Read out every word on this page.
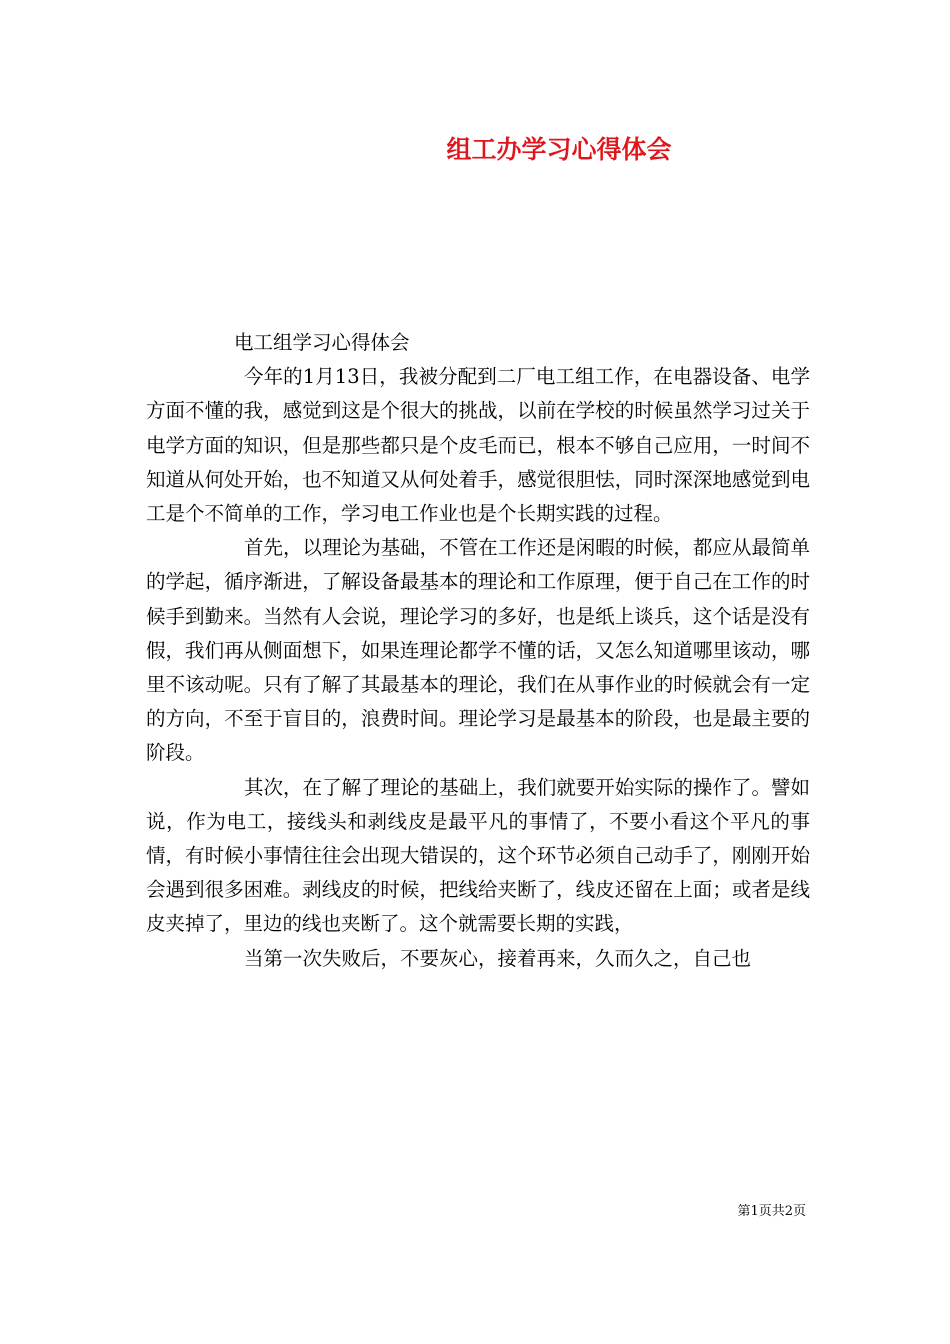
组工办学习心得体会

电工组学习心得体会

今年的1月13日，我被分配到二厂电工组工作，在电器设备、电学方面不懂的我，感觉到这是个很大的挑战，以前在学校的时候虽然学习过关于电学方面的知识，但是那些都只是个皮毛而已，根本不够自己应用，一时间不知道从何处开始，也不知道又从何处着手，感觉很胆怯，同时深深地感觉到电工是个不简单的工作，学习电工作业也是个长期实践的过程。

首先，以理论为基础，不管在工作还是闲暇的时候，都应从最简单的学起，循序渐进，了解设备最基本的理论和工作原理，便于自己在工作的时候手到勤来。当然有人会说，理论学习的多好，也是纸上谈兵，这个话是没有假，我们再从侧面想下，如果连理论都学不懂的话，又怎么知道哪里该动，哪里不该动呢。只有了解了其最基本的理论，我们在从事作业的时候就会有一定的方向，不至于盲目的，浪费时间。理论学习是最基本的阶段，也是最主要的阶段。

其次，在了解了理论的基础上，我们就要开始实际的操作了。譬如说，作为电工，接线头和剥线皮是最平凡的事情了，不要小看这个平凡的事情，有时候小事情往往会出现大错误的，这个环节必须自己动手了，刚刚开始会遇到很多困难。剥线皮的时候，把线给夹断了，线皮还留在上面；或者是线皮夹掉了，里边的线也夹断了。这个就需要长期的实践，

当第一次失败后，不要灰心，接着再来，久而久之，自己也

第1页共2页
